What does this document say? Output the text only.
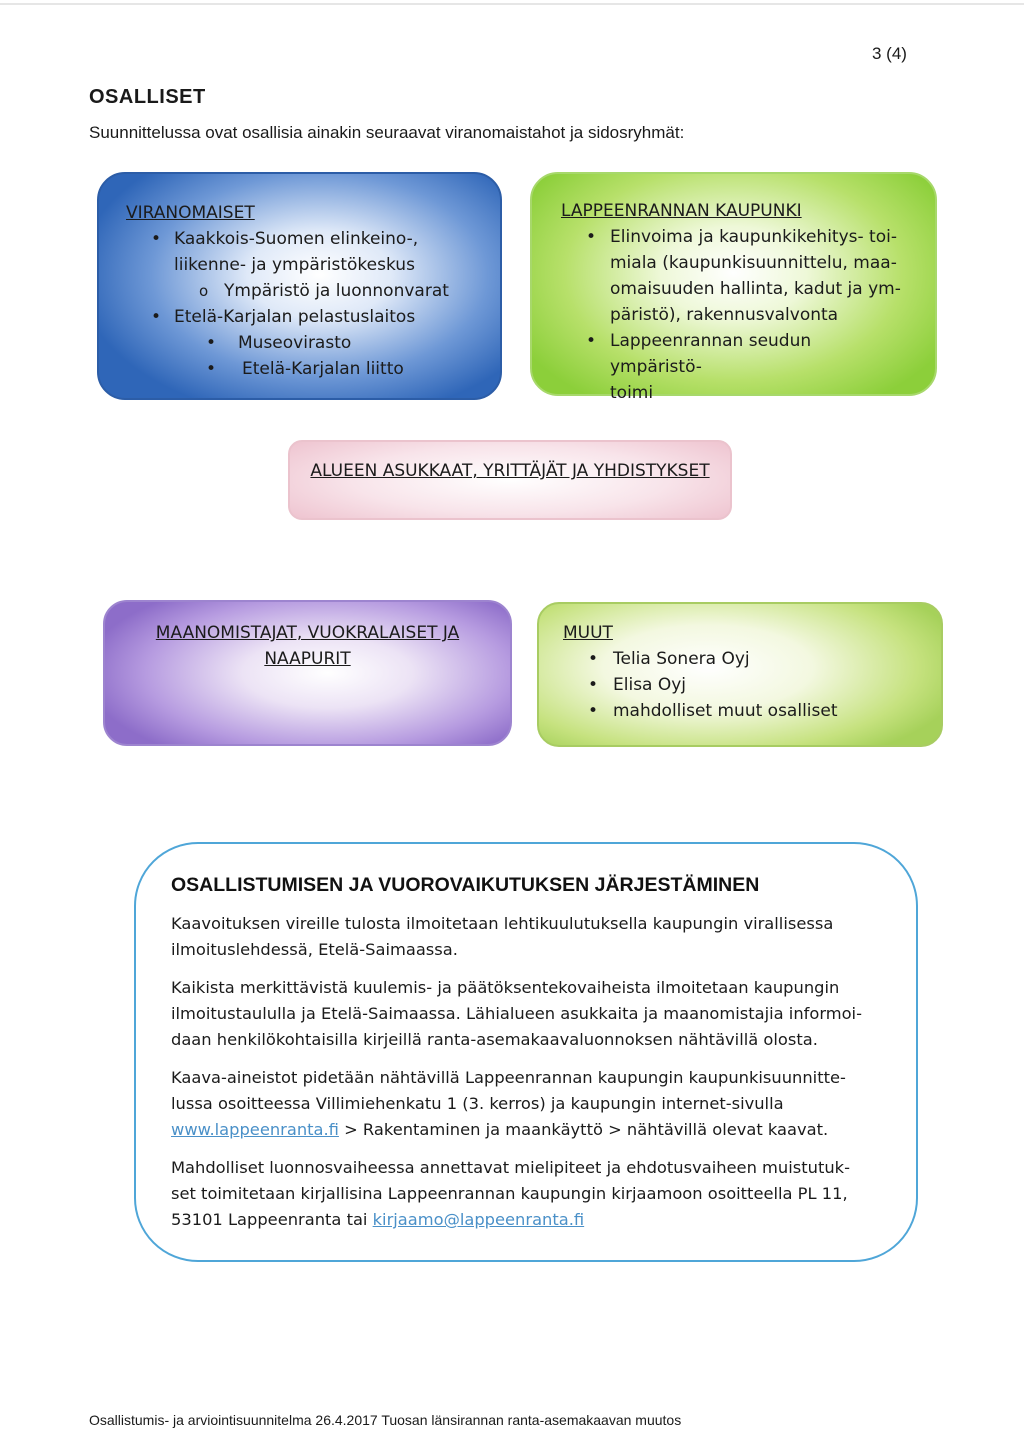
3 (4)
OSALLISET
Suunnittelussa ovat osallisia ainakin seuraavat viranomaistahot ja sidosryhmät:
VIRANOMAISET
• Kaakkois-Suomen elinkeino-,
liikenne- ja ympäristökeskus
o Ympäristö ja luonnonvarat
• Etelä-Karjalan pelastuslaitos
• Museovirasto
• Etelä-Karjalan liitto
LAPPEENRANNAN KAUPUNKI
• Elinvoima ja kaupunkikehitys- toi-
miala (kaupunkisuunnittelu, maa-
omaisuuden hallinta, kadut ja ym-
päristö), rakennusvalvonta
• Lappeenrannan seudun ympäristö-
toimi
ALUEEN ASUKKAAT, YRITTÄJÄT JA YHDISTYKSET
MAANOMISTAJAT, VUOKRALAISET JA
NAAPURIT
MUUT
• Telia Sonera Oyj
• Elisa Oyj
• mahdolliset muut osalliset
OSALLISTUMISEN JA VUOROVAIKUTUKSEN JÄRJESTÄMINEN

Kaavoituksen vireille tulosta ilmoitetaan lehtikuulutuksella kaupungin virallisessa
ilmoituslehdessä, Etelä-Saimaassa.

Kaikista merkittävistä kuulemis- ja päätöksentekovaiheista ilmoitetaan kaupungin
ilmoitustaululla ja Etelä-Saimaassa. Lähialueen asukkaita ja maanomistajia informoi-
daan henkilökohtaisilla kirjeillä ranta-asemakaavaluonnoksen nähtävillä olosta.

Kaava-aineistot pidetään nähtävillä Lappeenrannan kaupungin kaupunkisuunnitte-
lussa osoitteessa Villimiehenkatu 1 (3. kerros) ja kaupungin internet-sivulla
www.lappeenranta.fi > Rakentaminen ja maankäyttö > nähtävillä olevat kaavat.

Mahdolliset luonnosvaiheessa annettavat mielipiteet ja ehdotusvaiheen muistutuk-
set toimitetaan kirjallisina Lappeenrannan kaupungin kirjaamoon osoitteella PL 11,
53101 Lappeenranta tai kirjaamo@lappeenranta.fi

Osallistumis- ja arviointisuunnitelma 26.4.2017 Tuosan länsirannan ranta-asemakaavan muutos
